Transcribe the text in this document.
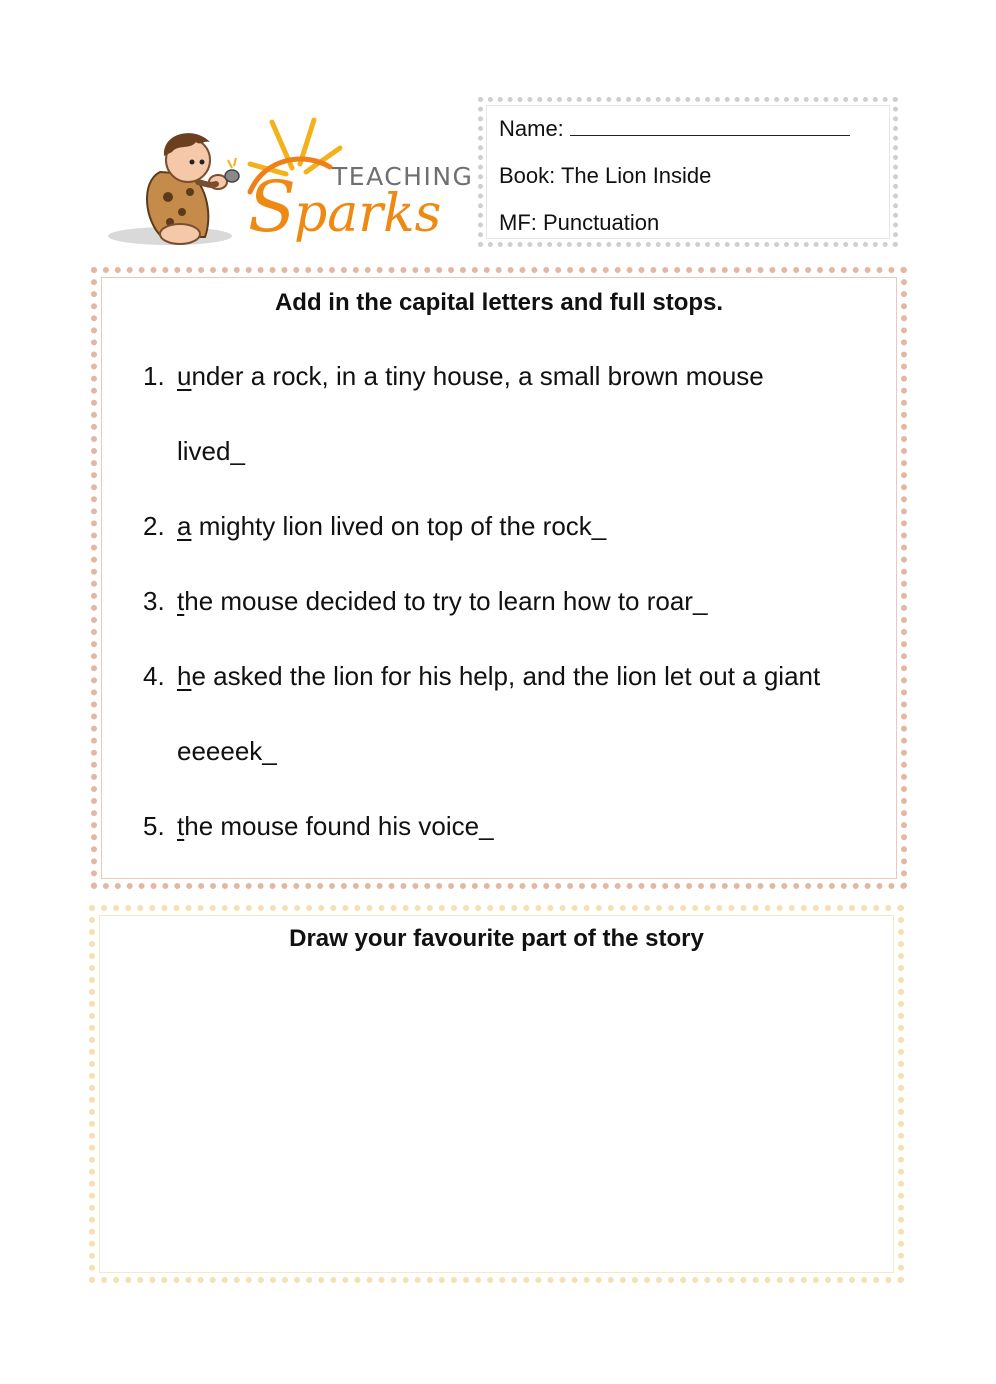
TEACHING
Sparks
Name:
Book: The Lion Inside
MF: Punctuation
Add in the capital letters and full stops.
1. under a rock, in a tiny house, a small brown mouse
lived_
2. a mighty lion lived on top of the rock_
3. the mouse decided to try to learn how to roar_
4. he asked the lion for his help, and the lion let out a giant
eeeeek_
5. the mouse found his voice_
Draw your favourite part of the story
